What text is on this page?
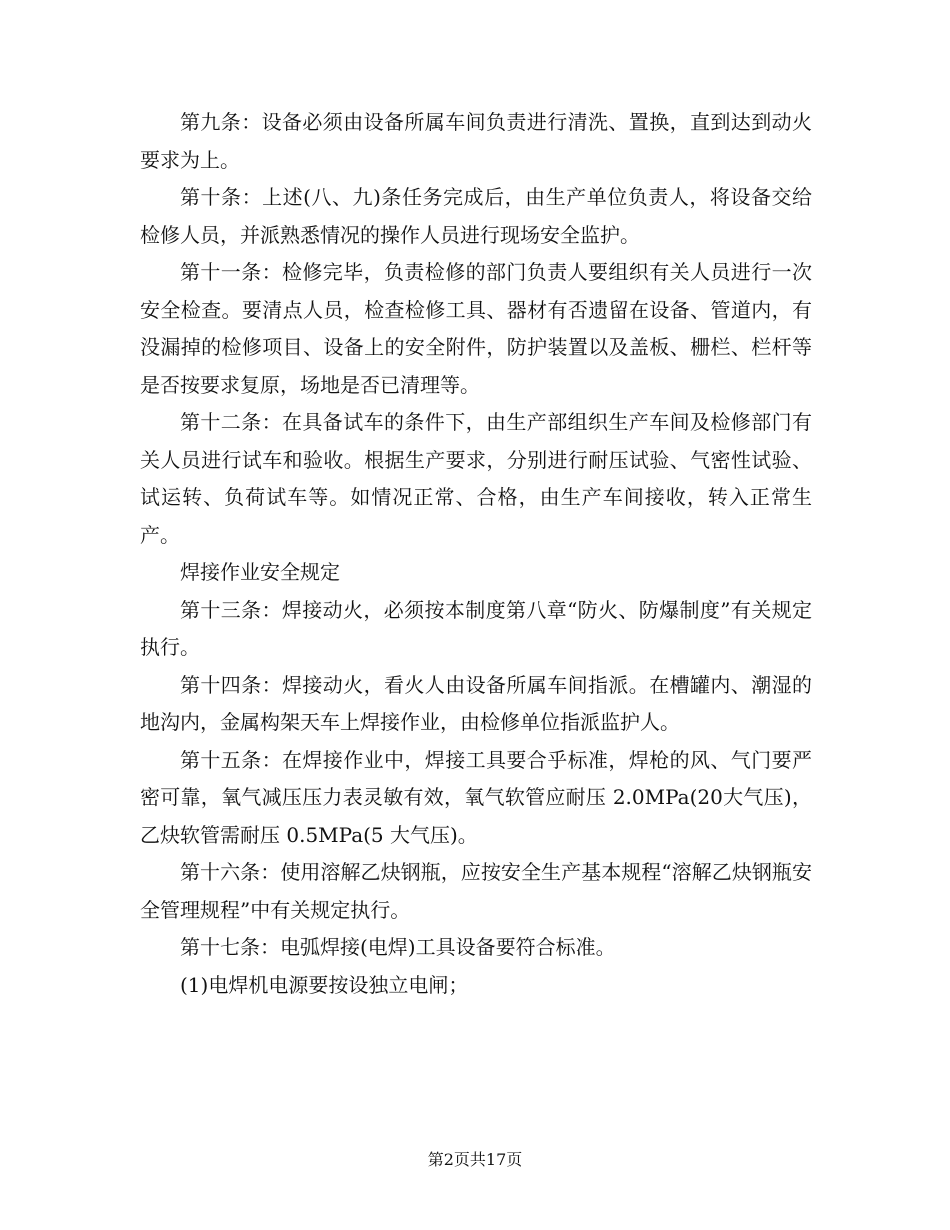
第九条：设备必须由设备所属车间负责进行清洗、置换，直到达到动火要求为上。

第十条：上述(八、九)条任务完成后，由生产单位负责人，将设备交给检修人员，并派熟悉情况的操作人员进行现场安全监护。

第十一条：检修完毕，负责检修的部门负责人要组织有关人员进行一次安全检查。要清点人员，检查检修工具、器材有否遗留在设备、管道内，有没漏掉的检修项目、设备上的安全附件，防护装置以及盖板、栅栏、栏杆等是否按要求复原，场地是否已清理等。

第十二条：在具备试车的条件下，由生产部组织生产车间及检修部门有关人员进行试车和验收。根据生产要求，分别进行耐压试验、气密性试验、试运转、负荷试车等。如情况正常、合格，由生产车间接收，转入正常生产。

焊接作业安全规定

第十三条：焊接动火，必须按本制度第八章“防火、防爆制度”有关规定执行。

第十四条：焊接动火，看火人由设备所属车间指派。在槽罐内、潮湿的地沟内，金属构架天车上焊接作业，由检修单位指派监护人。

第十五条：在焊接作业中，焊接工具要合乎标准，焊枪的风、气门要严密可靠，氧气减压压力表灵敏有效，氧气软管应耐压 2.0MPa(20大气压)，乙炔软管需耐压 0.5MPa(5 大气压)。

第十六条：使用溶解乙炔钢瓶，应按安全生产基本规程“溶解乙炔钢瓶安全管理规程”中有关规定执行。

第十七条：电弧焊接(电焊)工具设备要符合标准。

(1)电焊机电源要按设独立电闸；

第2页共17页
